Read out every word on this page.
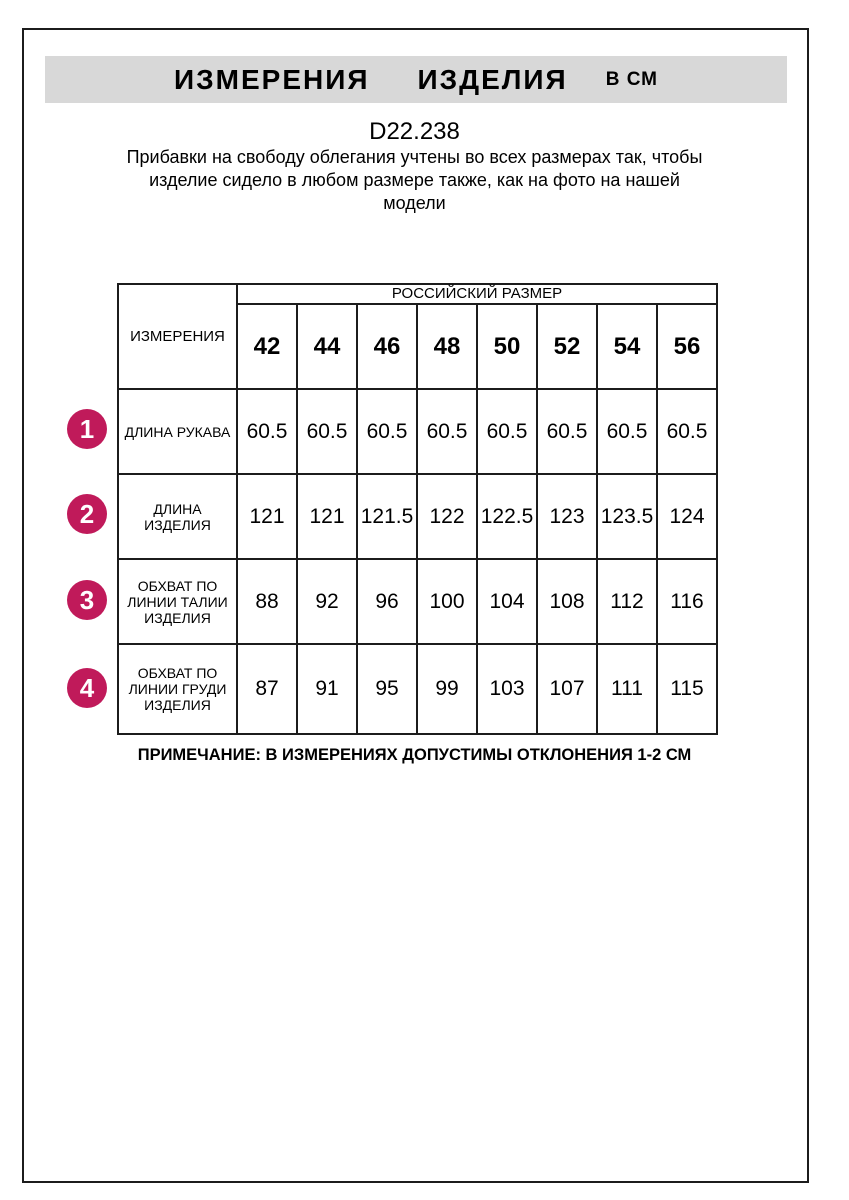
ИЗМЕРЕНИЯ ИЗДЕЛИЯ В СМ
D22.238
Прибавки на свободу облегания учтены во всех размерах так, чтобы
изделие сидело в любом размере также, как на фото на нашей
модели
ИЗМЕРЕНИЯ	РОССИЙСКИЙ РАЗМЕР							
	42	44	46	48	50	52	54	56

ДЛИНА РУКАВА	60.5	60.5	60.5	60.5	60.5	60.5	60.5	60.5

ДЛИНА
ИЗДЕЛИЯ	121	121	121.5	122	122.5	123	123.5	124

ОБХВАТ ПО
ЛИНИИ ТАЛИИ
ИЗДЕЛИЯ	88	92	96	100	104	108	112	116

ОБХВАТ ПО
ЛИНИИ ГРУДИ
ИЗДЕЛИЯ	87	91	95	99	103	107	111	115
1
2
3
4
ПРИМЕЧАНИЕ: В ИЗМЕРЕНИЯХ ДОПУСТИМЫ ОТКЛОНЕНИЯ 1-2 СМ
